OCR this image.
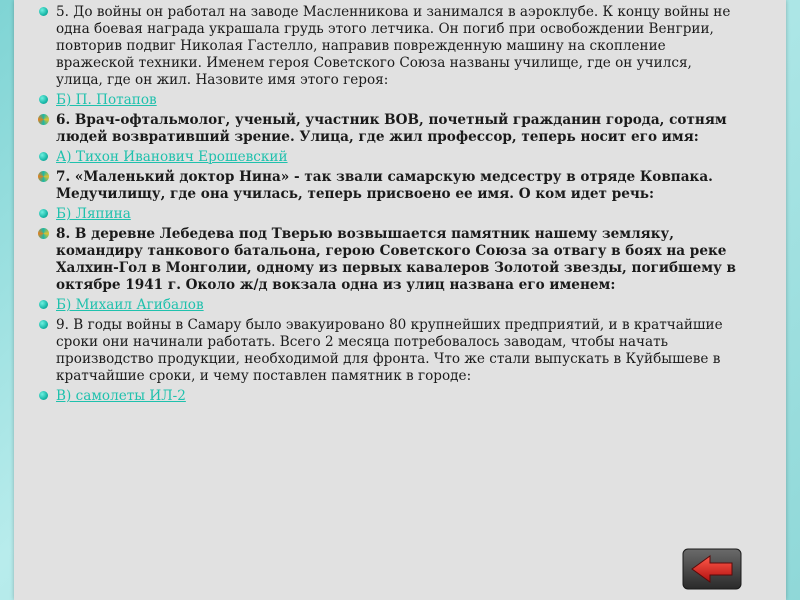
5. До войны он работал на заводе Масленникова и занимался в аэроклубе. К концу войны не одна боевая награда украшала грудь этого летчика. Он погиб при освобождении Венгрии, повторив подвиг Николая Гастелло, направив поврежденную машину на скопление вражеской техники. Именем героя Советского Союза названы училище, где он учился, улица, где он жил. Назовите имя этого героя:
Б) П. Потапов
6. Врач-офтальмолог, ученый, участник ВОВ, почетный гражданин города, сотням людей возвративший зрение. Улица, где жил профессор, теперь носит его имя:
А) Тихон Иванович Ерошевский
7. «Маленький доктор Нина» - так звали самарскую медсестру в отряде Ковпака. Медучилищу, где она училась, теперь присвоено ее имя. О ком идет речь:
Б) Ляпина
8. В деревне Лебедева под Тверью возвышается памятник нашему земляку, командиру танкового батальона, герою Советского Союза за отвагу в боях на реке Халхин-Гол в Монголии, одному из первых кавалеров Золотой звезды, погибшему в октябре 1941 г. Около ж/д вокзала одна из улиц названа его именем:
Б) Михаил Агибалов
9. В годы войны в Самару было эвакуировано 80 крупнейших предприятий, и в кратчайшие сроки они начинали работать. Всего 2 месяца потребовалось заводам, чтобы начать производство продукции, необходимой для фронта. Что же стали выпускать в Куйбышеве в кратчайшие сроки, и чему поставлен памятник в городе:
В) самолеты ИЛ-2
